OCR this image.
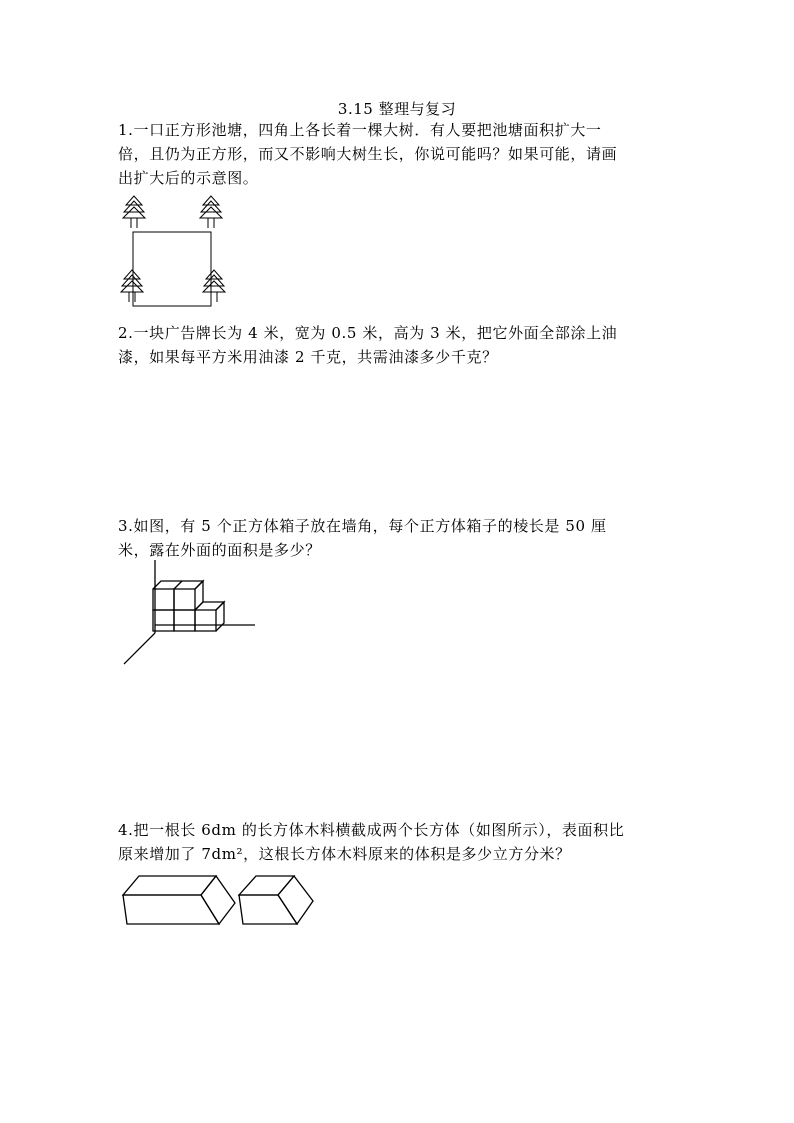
3.15 整理与复习

1.一口正方形池塘，四角上各长着一棵大树．有人要把池塘面积扩大一

倍，且仍为正方形，而又不影响大树生长，你说可能吗？如果可能，请画

出扩大后的示意图。

2.一块广告牌长为 4 米，宽为 0.5 米，高为 3 米，把它外面全部涂上油

漆，如果每平方米用油漆 2 千克，共需油漆多少千克？

3.如图，有 5 个正方体箱子放在墙角，每个正方体箱子的棱长是 50 厘

米，露在外面的面积是多少？

4.把一根长 6dm 的长方体木料横截成两个长方体（如图所示），表面积比

原来增加了 7dm²，这根长方体木料原来的体积是多少立方分米？
